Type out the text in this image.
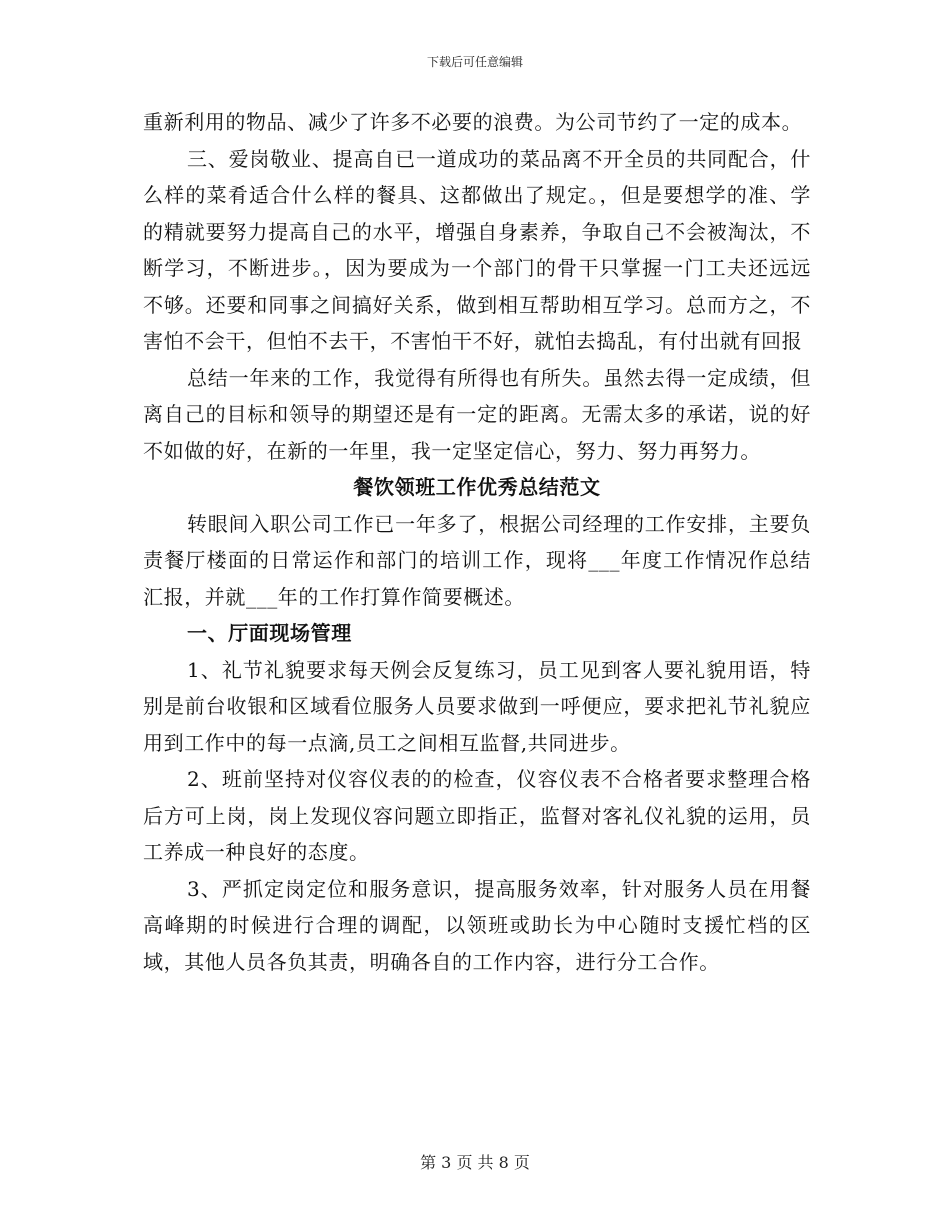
下载后可任意编辑

重新利用的物品、减少了许多不必要的浪费。为公司节约了一定的成本。

三、爱岗敬业、提高自已一道成功的菜品离不开全员的共同配合，什么样的菜肴适合什么样的餐具、这都做出了规定。，但是要想学的准、学的精就要努力提高自己的水平，增强自身素养，争取自己不会被淘汰，不断学习，不断进步。，因为要成为一个部门的骨干只掌握一门工夫还远远不够。还要和同事之间搞好关系，做到相互帮助相互学习。总而方之，不害怕不会干，但怕不去干，不害怕干不好，就怕去捣乱，有付出就有回报

总结一年来的工作，我觉得有所得也有所失。虽然去得一定成绩，但离自己的目标和领导的期望还是有一定的距离。无需太多的承诺，说的好不如做的好，在新的一年里，我一定坚定信心，努力、努力再努力。

餐饮领班工作优秀总结范文

转眼间入职公司工作已一年多了，根据公司经理的工作安排，主要负责餐厅楼面的日常运作和部门的培训工作，现将___年度工作情况作总结汇报，并就___年的工作打算作简要概述。

一、厅面现场管理

1、礼节礼貌要求每天例会反复练习，员工见到客人要礼貌用语，特别是前台收银和区域看位服务人员要求做到一呼便应，要求把礼节礼貌应用到工作中的每一点滴,员工之间相互监督,共同进步。

2、班前坚持对仪容仪表的的检查，仪容仪表不合格者要求整理合格后方可上岗，岗上发现仪容问题立即指正，监督对客礼仪礼貌的运用，员工养成一种良好的态度。

3、严抓定岗定位和服务意识，提高服务效率，针对服务人员在用餐高峰期的时候进行合理的调配，以领班或助长为中心随时支援忙档的区域，其他人员各负其责，明确各自的工作内容，进行分工合作。

第 3 页 共 8 页
